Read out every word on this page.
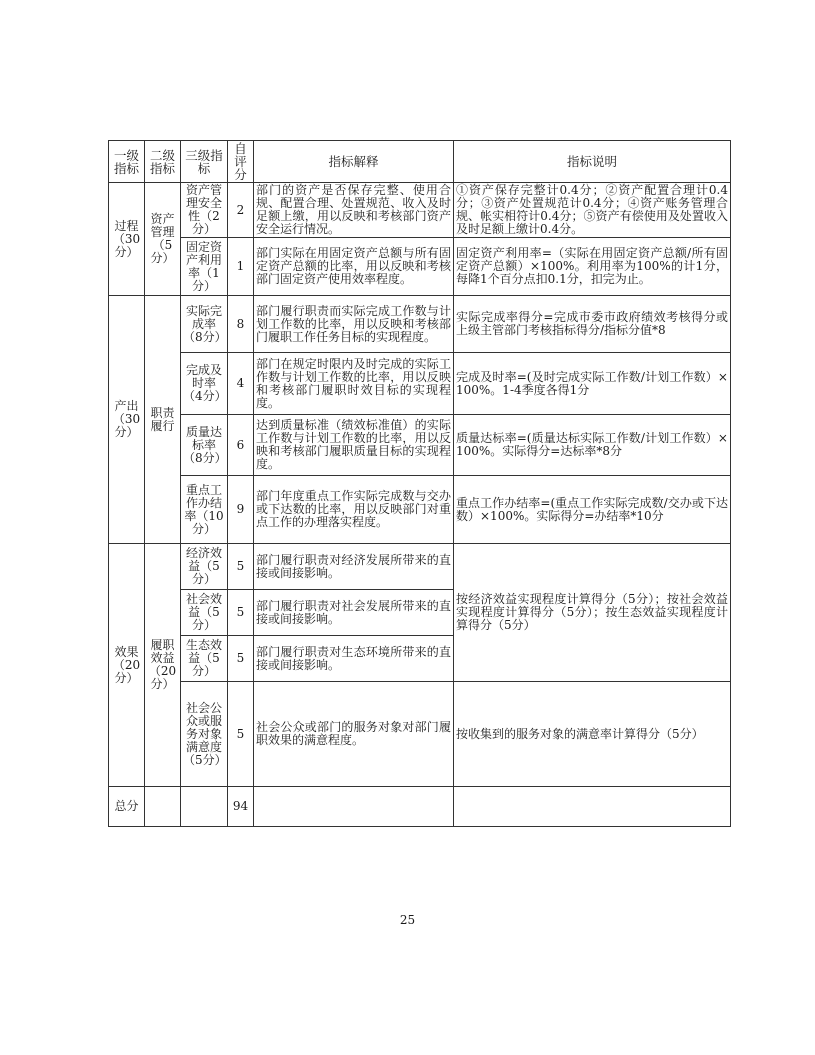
一级指标	二级指标	三级指标	自评分	指标解释	指标说明
过程（30分）	资产管理（5分）	资产管理安全性（2分）	2	部门的资产是否保存完整、使用合规、配置合理、处置规范、收入及时足额上缴，用以反映和考核部门资产安全运行情况。	①资产保存完整计0.4分；②资产配置合理计0.4分；③资产处置规范计0.4分；④资产账务管理合规、帐实相符计0.4分；⑤资产有偿使用及处置收入及时足额上缴计0.4分。
		固定资产利用率（1分）	1	部门实际在用固定资产总额与所有固定资产总额的比率，用以反映和考核部门固定资产使用效率程度。	固定资产利用率=（实际在用固定资产总额/所有固定资产总额）×100%。利用率为100%的计1分，每降1个百分点扣0.1分，扣完为止。
产出（30分）	职责履行	实际完成率（8分）	8	部门履行职责而实际完成工作数与计划工作数的比率，用以反映和考核部门履职工作任务目标的实现程度。	实际完成率得分=完成市委市政府绩效考核得分或上级主管部门考核指标得分/指标分值*8
		完成及时率（4分）	4	部门在规定时限内及时完成的实际工作数与计划工作数的比率，用以反映和考核部门履职时效目标的实现程度。	完成及时率=(及时完成实际工作数/计划工作数）×100%。1-4季度各得1分
		质量达标率（8分）	6	达到质量标准（绩效标准值）的实际工作数与计划工作数的比率，用以反映和考核部门履职质量目标的实现程度。	质量达标率=(质量达标实际工作数/计划工作数）×100%。实际得分=达标率*8分
		重点工作办结率（10分）	9	部门年度重点工作实际完成数与交办或下达数的比率，用以反映部门对重点工作的办理落实程度。	重点工作办结率=(重点工作实际完成数/交办或下达数）×100%。实际得分=办结率*10分
效果（20分）	履职效益（20分）	经济效益（5分）	5	部门履行职责对经济发展所带来的直接或间接影响。	按经济效益实现程度计算得分（5分）；按社会效益实现程度计算得分（5分）；按生态效益实现程度计算得分（5分）
		社会效益（5分）	5	部门履行职责对社会发展所带来的直接或间接影响。	
		生态效益（5分）	5	部门履行职责对生态环境所带来的直接或间接影响。	
		社会公众或服务对象满意度（5分）	5	社会公众或部门的服务对象对部门履职效果的满意程度。	按收集到的服务对象的满意率计算得分（5分）
总分			94		
25
